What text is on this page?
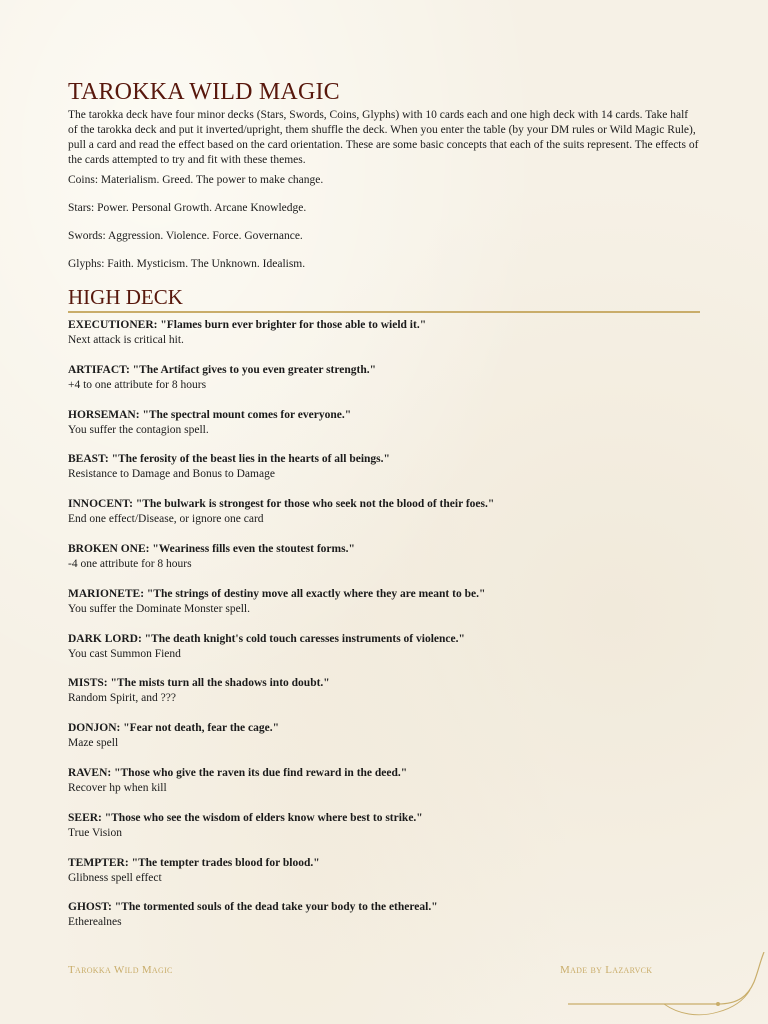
TAROKKA WILD MAGIC

The tarokka deck have four minor decks (Stars, Swords, Coins, Glyphs) with 10 cards each and one high deck with 14 cards. Take half of the tarokka deck and put it inverted/upright, them shuffle the deck. When you enter the table (by your DM rules or Wild Magic Rule), pull a card and read the effect based on the card orientation. These are some basic concepts that each of the suits represent. The effects of the cards attempted to try and fit with these themes.

Coins: Materialism. Greed. The power to make change.
Stars: Power. Personal Growth. Arcane Knowledge.
Swords: Aggression. Violence. Force. Governance.
Glyphs: Faith. Mysticism. The Unknown. Idealism.
HIGH DECK
EXECUTIONER: "Flames burn ever brighter for those able to wield it."
Next attack is critical hit.
ARTIFACT: "The Artifact gives to you even greater strength."
+4 to one attribute for 8 hours
HORSEMAN: "The spectral mount comes for everyone."
You suffer the contagion spell.
BEAST: "The ferosity of the beast lies in the hearts of all beings."
Resistance to Damage and Bonus to Damage
INNOCENT: "The bulwark is strongest for those who seek not the blood of their foes."
End one effect/Disease, or ignore one card
BROKEN ONE: "Weariness fills even the stoutest forms."
-4 one attribute for 8 hours
MARIONETE: "The strings of destiny move all exactly where they are meant to be."
You suffer the Dominate Monster spell.
DARK LORD: "The death knight's cold touch caresses instruments of violence."
You cast Summon Fiend
MISTS: "The mists turn all the shadows into doubt."
Random Spirit, and ???
DONJON: "Fear not death, fear the cage."
Maze spell
RAVEN: "Those who give the raven its due find reward in the deed."
Recover hp when kill
SEER: "Those who see the wisdom of elders know where best to strike."
True Vision
TEMPTER: "The tempter trades blood for blood."
Glibness spell effect
GHOST: "The tormented souls of the dead take your body to the ethereal."
Etherealnes
Tarokka Wild Magic	Made by Lazarvck
